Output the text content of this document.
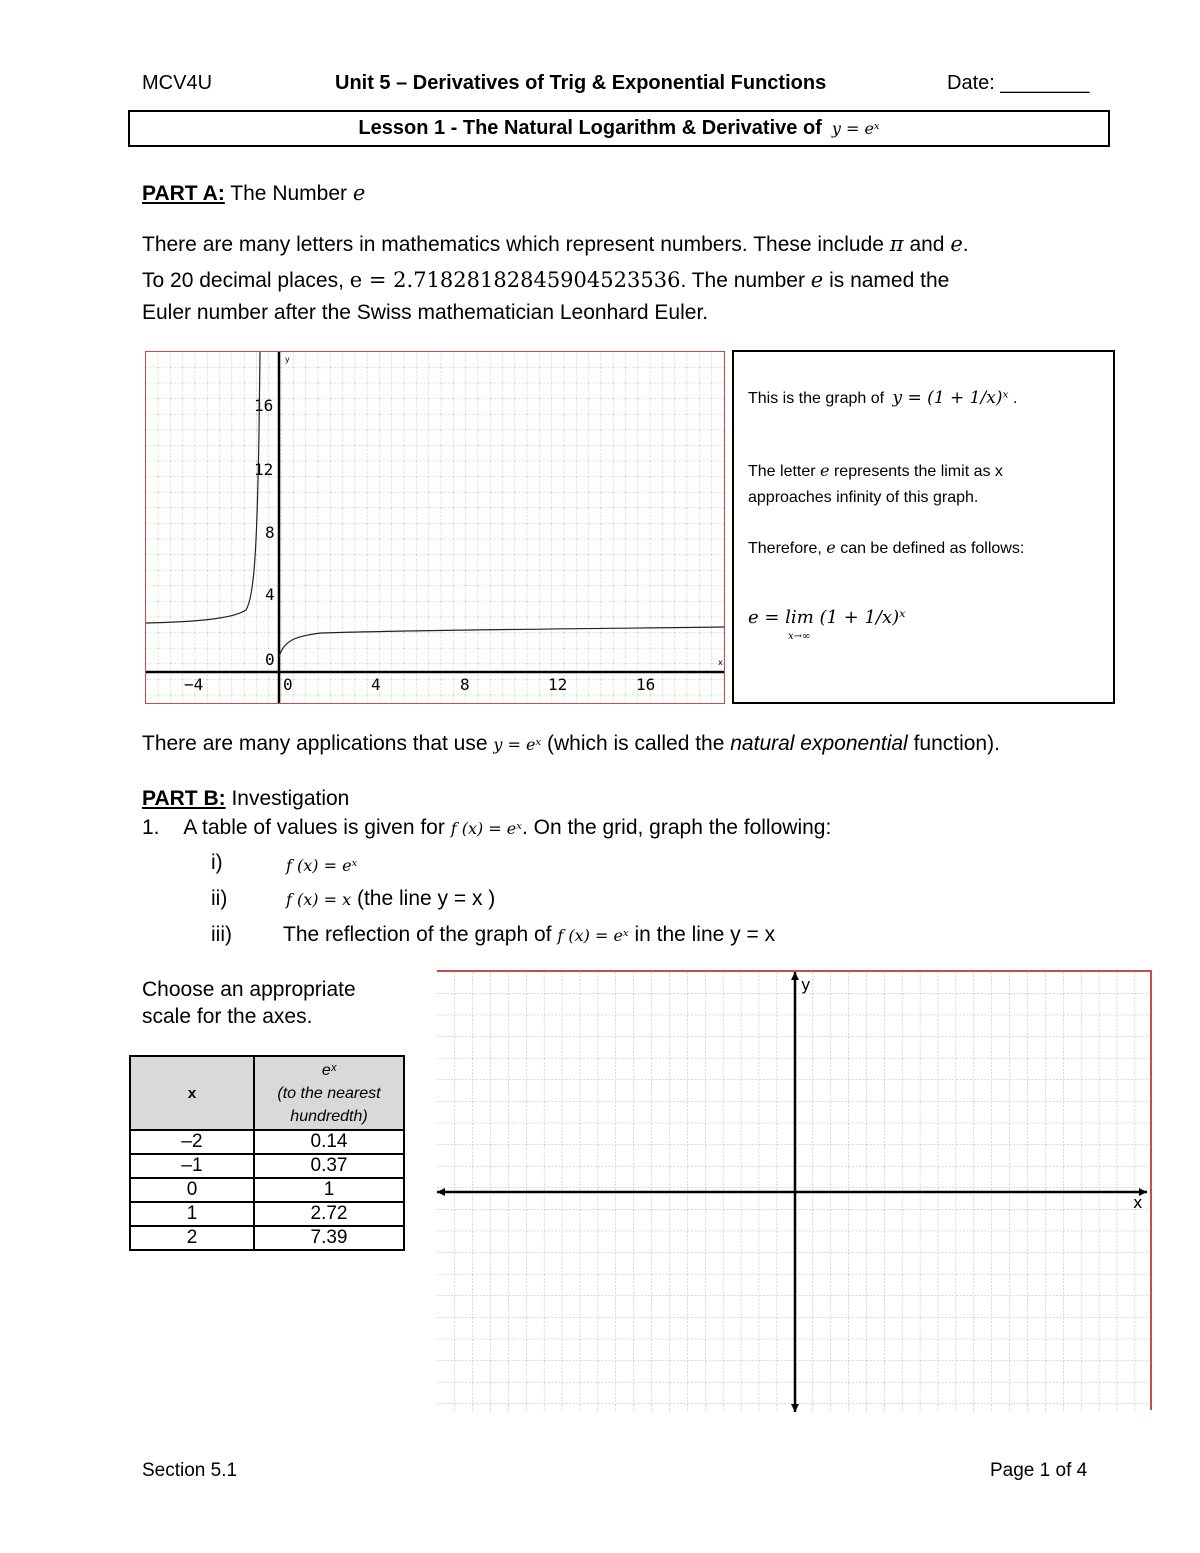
MCV4U	Unit 5 – Derivatives of Trig & Exponential Functions	Date: ________
Lesson 1 - The Natural Logarithm & Derivative of y = eˣ
PART A: The Number e
There are many letters in mathematics which represent numbers. These include π and e.
To 20 decimal places, e = 2.71828182845904523536. The number e is named the
Euler number after the Swiss mathematician Leonhard Euler.
−4	0	4	8	12	16
0
4
8
12
16
x
y
This is the graph of y = (1 + 1/x)ˣ .
The letter e represents the limit as x
approaches infinity of this graph.
Therefore, e can be defined as follows:
e = lim (1 + 1/x)ˣ
x→∞
There are many applications that use y = eˣ (which is called the natural exponential function).
PART B: Investigation
1. A table of values is given for f (x) = eˣ. On the grid, graph the following:
i)	f (x) = eˣ
ii)	f (x) = x (the line y = x )
iii) The reflection of the graph of f (x) = eˣ in the line y = x
Choose an appropriate
scale for the axes.
x	eˣ
(to the nearest
hundredth)

–2	0.14
–1	0.37
0	1
1	2.72
2	7.39
x
y
Section 5.1	Page 1 of 4
